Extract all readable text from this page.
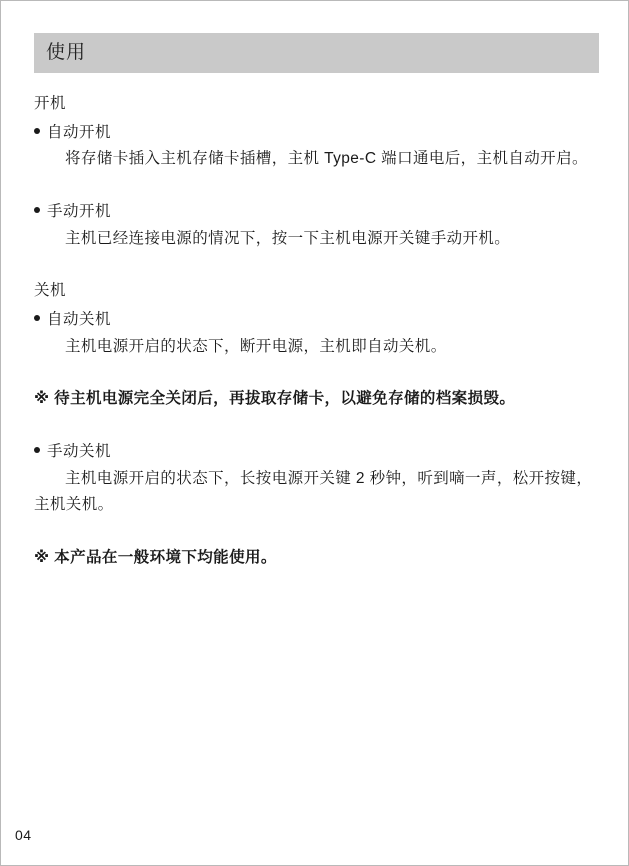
使用

开机

自动开机

将存储卡插入主机存储卡插槽，主机 Type-C 端口通电后，主机自动开启。

手动开机

主机已经连接电源的情况下，按一下主机电源开关键手动开机。

关机

自动关机

主机电源开启的状态下，断开电源，主机即自动关机。

※ 待主机电源完全关闭后，再拔取存储卡，以避免存储的档案损毁。

手动关机

主机电源开启的状态下，长按电源开关键 2 秒钟，听到嘀一声，松开按键，主机关机。

※ 本产品在一般环境下均能使用。

04
